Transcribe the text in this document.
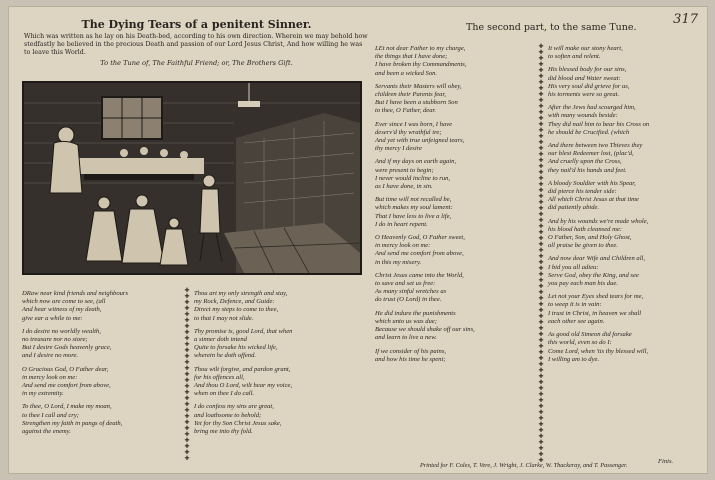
317
The Dying Tears of a penitent Sinner.
Which was written as he lay on his Death-bed, according to his own direction. Wherein we may behold how stedfastly he believed in the precious Death and passion of our Lord Jesus Christ, And how willing he was to leave this World.
To the Tune of, The Faithful Friend; or, The Brothers Gift.
The second part, to the same Tune.
DRaw near kind friends and neighbours
which now are come to see, (all
And bear witness of my death,
give ear a while to me:
I do desire no worldly wealth,
no treasure nor no store;
But I desire Gods heavenly grace,
and I desire no more.
O Gracious God, O Father dear,
in mercy look on me:
And send me comfort from above,
in my extremity.
To thee, O Lord, I make my moan,
to thee I call and cry;
Strengthen my faith in pangs of death,
against the enemy.
✚
✚
✚
✚
✚
✚
✚
✚
✚
✚
✚
✚
✚
✚
✚
✚
✚
✚
✚
✚
✚
✚
✚
✚
✚
✚
✚
✚
✚
Thou art my only strength and stay,
my Rock, Defence, and Guide:
Direct my steps to come to thee,
to that I may not slide.
Thy promise is, good Lord, that when
a sinner doth intend
Quite to forsake his wicked life,
wherein he doth offend.
Thou wilt forgive, and pardon grant,
for his offences all,
And thou O Lord, wilt hear my voice,
when on thee I do call.
I do confess my sins are great,
and loathsome to behold;
Yet for thy Son Christ Jesus sake,
bring me into thy fold.
LEt not dear Father to my charge,
the things that I have done;
I have broken thy Commandments,
and been a wicked Son.
Servants their Masters will obey,
children their Parents fear,
But I have been a stubborn Son
to thee, O Father, dear.
Ever since I was born, I have
deserv'd thy wrathful ire;
And yet with true unfeigned tears,
thy mercy I desire
And if my days on earth again,
were present to begin;
I never would incline to run,
as I have done, in sin.
But time will not recalled be,
which makes my soul lament:
That I have less to live a life,
I do in heart repent.
O Heavenly God, O Father sweet,
in mercy look on me:
And send me comfort from above,
in this my misery.
Christ Jesus came into the World,
to save and set us free:
As many sinful wretches as
do trust (O Lord) in thee.
He did indure the punishments
which unto us was due;
Because we should shake off our sins,
and learn to live a new.
If we consider of his pains,
and how his time he spent;
✚
✚
✚
✚
✚
✚
✚
✚
✚
✚
✚
✚
✚
✚
✚
✚
✚
✚
✚
✚
✚
✚
✚
✚
✚
✚
✚
✚
✚
✚
✚
✚
✚
✚
✚
✚
✚
✚
✚
✚
✚
✚
✚
✚
✚
✚
✚
✚
✚
✚
✚
✚
✚
✚
✚
✚
✚
✚
✚
✚
✚
✚
✚
✚
✚
✚
✚
✚
✚
✚
It will make our stony heart,
to soften and relent.
His blessed body for our sins,
did blood and Water sweat:
His very soul did grieve for us,
his torments were so great.
After the Jews had scourged him,
with many wounds beside:
They did nail him to bear his Cross on
he should be Crucified. (which
And there between two Thieves they
our blest Redeemer lost, (plac'd,
And cruelly upon the Cross,
they nail'd his hands and feet.
A bloody Souldier with his Spear,
did pierce his tender side:
All which Christ Jesus at that time
did patiently abide.
And by his wounds we're made whole,
his blood hath cleansed me:
O Father, Son, and Holy Ghost,
all praise be given to thee.
And now dear Wife and Children all,
I bid you all adieu:
Serve God, obey the King, and see
you pay each man his due.
Let not your Eyes shed tears for me,
to weep it is in vain:
I trust in Christ, in heaven we shall
each other see again.
As good old Simeon did forsake
this world, even so do I:
Come Lord, when 'tis thy blessed will,
I willing am to dye.
Finis.
Printed for F. Coles, T. Vere, J. Wright, J. Clarke, W. Thackeray, and T. Passenger.
